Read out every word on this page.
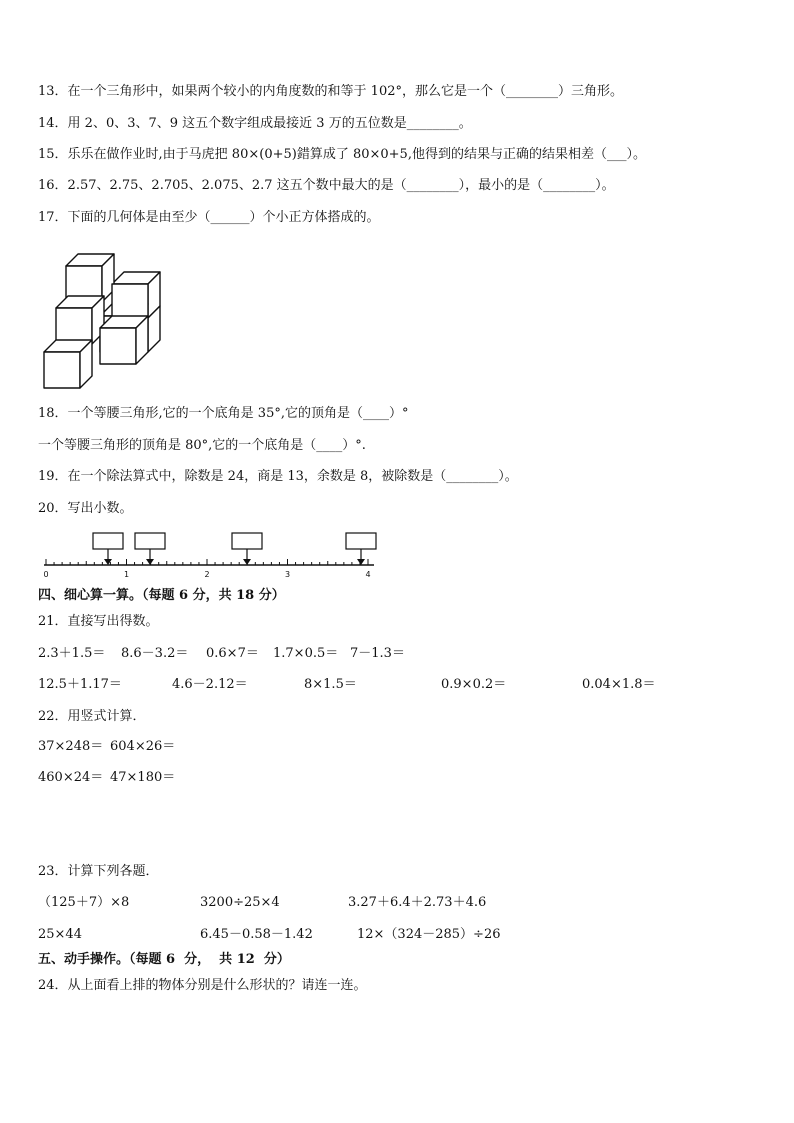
13．在一个三角形中，如果两个较小的内角度数的和等于 102°，那么它是一个（________）三角形。
14．用 2、0、3、7、9 这五个数字组成最接近 3 万的五位数是________。
15．乐乐在做作业时,由于马虎把 80×(0+5)錯算成了 80×0+5,他得到的结果与正确的结果相差（___）。
16．2.57、2.75、2.705、2.075、2.7 这五个数中最大的是（________），最小的是（________）。
17．下面的几何体是由至少（______）个小正方体搭成的。
18．一个等腰三角形,它的一个底角是 35°,它的顶角是（____）°
一个等腰三角形的顶角是 80°,它的一个底角是（____）°.
19．在一个除法算式中，除数是 24，商是 13，余数是 8，被除数是（________）。
20．写出小数。
0	1	2	3	4
四、细心算一算。（每题 6 分，共 18 分）
21．直接写出得数。
2.3＋1.5＝ 8.6－3.2＝ 0.6×7＝ 1.7×0.5＝ 7－1.3＝
12.5＋1.17＝	4.6－2.12＝	8×1.5＝	0.9×0.2＝	0.04×1.8＝
22．用竖式计算．
37×248＝ 604×26＝
460×24＝ 47×180＝
23．计算下列各题．
（125＋7）×8	3200÷25×4	3.27＋6.4＋2.73＋4.6
25×44	6.45－0.58－1.42	12×（324－285）÷26
五、动手操作。（每题 6  分，  共 12  分）
24．从上面看上排的物体分别是什么形状的？请连一连。
